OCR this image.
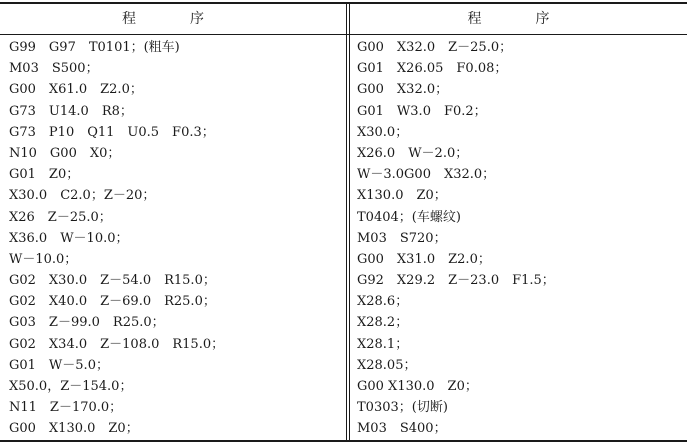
程　序	程　序
G99　G97　T0101；(粗车)
M03　S500；
G00　X61.0　Z2.0；
G73　U14.0　R8；
G73　P10　Q11　U0.5　F0.3；
N10　G00　X0；
G01　Z0；
X30.0　C2.0；Z－20；
X26　Z－25.0；
X36.0　W－10.0；
W－10.0；
G02　X30.0　Z－54.0　R15.0；
G02　X40.0　Z－69.0　R25.0；
G03　Z－99.0　R25.0；
G02　X34.0　Z－108.0　R15.0；
G01　W－5.0；
X50.0，Z－154.0；
N11　Z－170.0；
G00　X130.0　Z0；
G00　X32.0　Z－25.0；
G01　X26.05　F0.08；
G00　X32.0；
G01　W3.0　F0.2；
X30.0；
X26.0　W－2.0；
W－3.0G00　X32.0；
X130.0　Z0；
T0404；(车螺纹)
M03　S720；
G00　X31.0　Z2.0；
G92　X29.2　Z－23.0　F1.5；
X28.6；
X28.2；
X28.1；
X28.05；
G00 X130.0　Z0；
T0303；(切断)
M03　S400；
